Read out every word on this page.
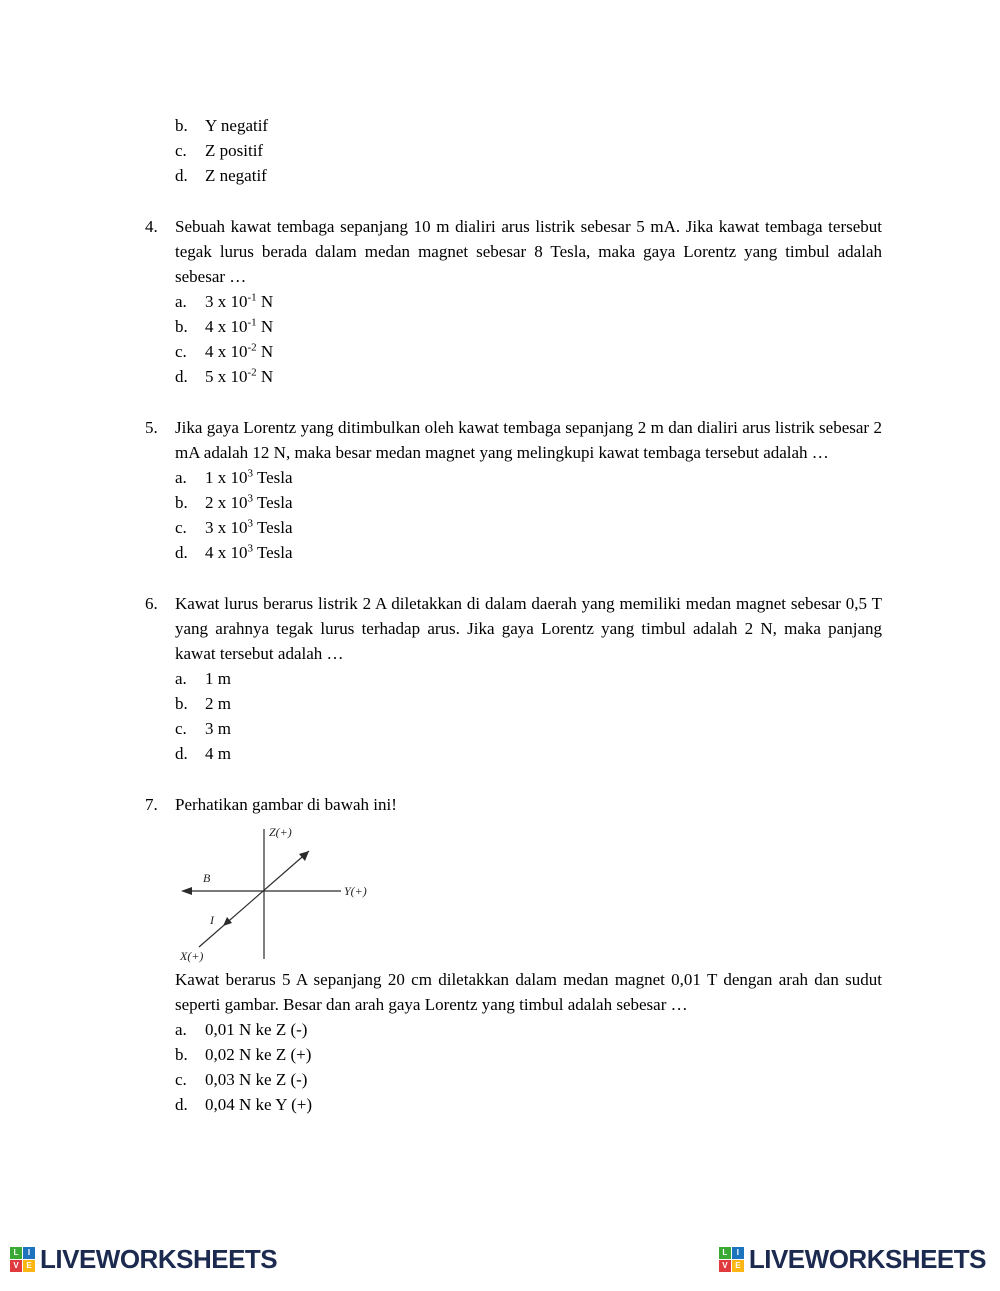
b.	Y negatif
c.	Z positif
d.	Z negatif
4.	Sebuah kawat tembaga sepanjang 10 m dialiri arus listrik sebesar 5 mA. Jika kawat tembaga tersebut tegak lurus berada dalam medan magnet sebesar 8 Tesla, maka gaya Lorentz yang timbul adalah sebesar …

a.	3 x $10^{-1}$ N
b.	4 x $10^{-1}$ N
c.	4 x $10^{-2}$ N
d.	5 x $10^{-2}$ N
5.	Jika gaya Lorentz yang ditimbulkan oleh kawat tembaga sepanjang 2 m dan dialiri arus listrik sebesar 2 mA adalah 12 N, maka besar medan magnet yang melingkupi kawat tembaga tersebut adalah …

a.	1 x $10^3$ Tesla
b.	2 x $10^3$ Tesla
c.	3 x $10^3$ Tesla
d.	4 x $10^3$ Tesla
6.	Kawat lurus berarus listrik 2 A diletakkan di dalam daerah yang memiliki medan magnet sebesar 0,5 T yang arahnya tegak lurus terhadap arus. Jika gaya Lorentz yang timbul adalah 2 N, maka panjang kawat tersebut adalah …

a.	1 m
b.	2 m
c.	3 m
d.	4 m
7.	Perhatikan gambar di bawah ini!

Z(+)
Y(+)
X(+)
B
I

Kawat berarus 5 A sepanjang 20 cm diletakkan dalam medan magnet 0,01 T dengan arah dan sudut seperti gambar. Besar dan arah gaya Lorentz yang timbul adalah sebesar …

a.	0,01 N ke Z (-)
b.	0,02 N ke Z (+)
c.	0,03 N ke Z (-)
d.	0,04 N ke Y (+)
L	I
V E LIVEWORKSHEETS	L	I
V E LIVEWORKSHEETS
